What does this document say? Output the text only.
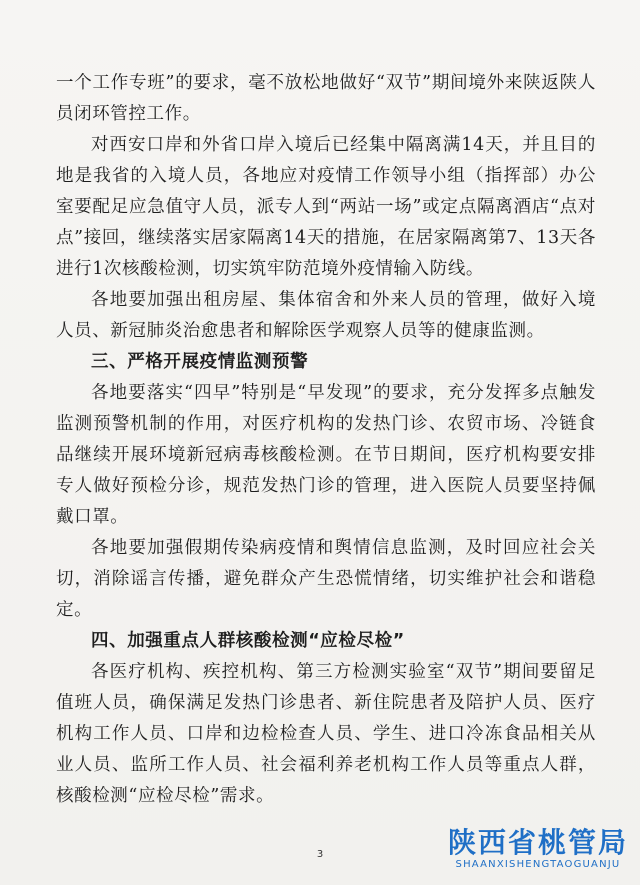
一个工作专班”的要求，毫不放松地做好“双节”期间境外来陕返陕人员闭环管控工作。

对西安口岸和外省口岸入境后已经集中隔离满14天，并且目的地是我省的入境人员，各地应对疫情工作领导小组（指挥部）办公室要配足应急值守人员，派专人到“两站一场”或定点隔离酒店“点对点”接回，继续落实居家隔离14天的措施，在居家隔离第7、13天各进行1次核酸检测，切实筑牢防范境外疫情输入防线。

各地要加强出租房屋、集体宿舍和外来人员的管理，做好入境人员、新冠肺炎治愈患者和解除医学观察人员等的健康监测。

三、严格开展疫情监测预警

各地要落实“四早”特别是“早发现”的要求，充分发挥多点触发监测预警机制的作用，对医疗机构的发热门诊、农贸市场、冷链食品继续开展环境新冠病毒核酸检测。在节日期间，医疗机构要安排专人做好预检分诊，规范发热门诊的管理，进入医院人员要坚持佩戴口罩。

各地要加强假期传染病疫情和舆情信息监测，及时回应社会关切，消除谣言传播，避免群众产生恐慌情绪，切实维护社会和谐稳定。

四、加强重点人群核酸检测“应检尽检”

各医疗机构、疾控机构、第三方检测实验室“双节”期间要留足值班人员，确保满足发热门诊患者、新住院患者及陪护人员、医疗机构工作人员、口岸和边检检查人员、学生、进口冷冻食品相关从业人员、监所工作人员、社会福利养老机构工作人员等重点人群，核酸检测“应检尽检”需求。

3	陕西省桃管局
SHAANXISHENGTAOGUANJU
